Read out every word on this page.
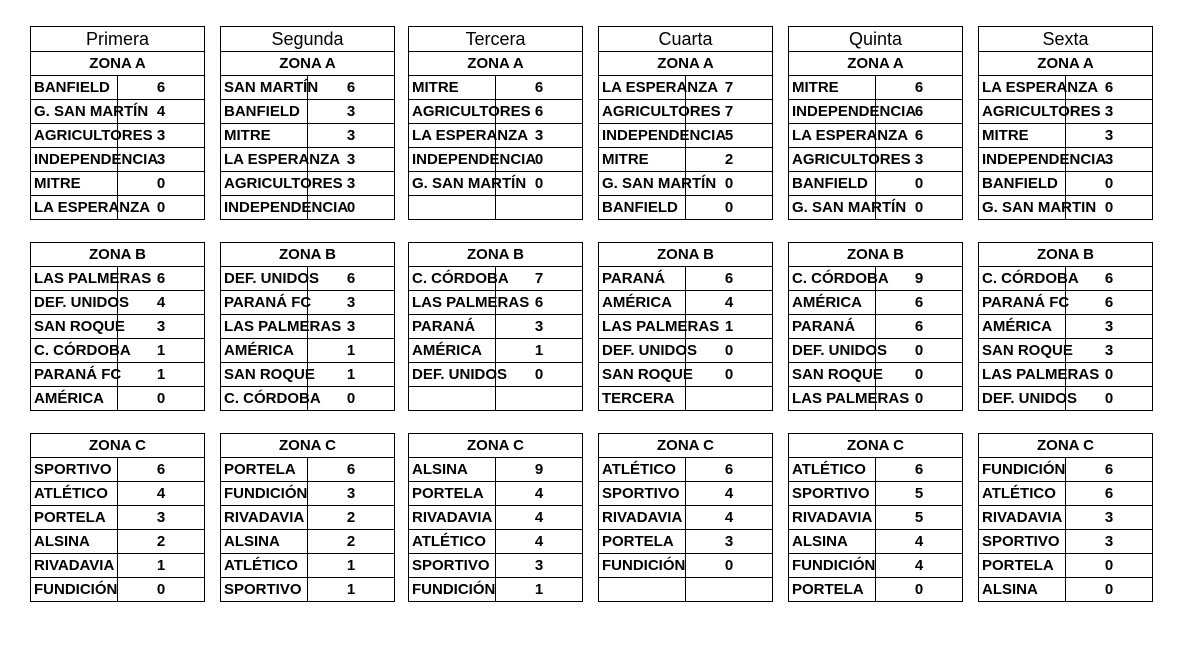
Primera	
ZONA A	
BANFIELD	6
G. SAN MARTÍN	4
AGRICULTORES	3
INDEPENDENCIA	3
MITRE	0
LA ESPERANZA	0
ZONA B	
LAS PALMERAS	6
DEF. UNIDOS	4
SAN ROQUE	3
C. CÓRDOBA	1
PARANÁ FC	1
AMÉRICA	0
ZONA C	
SPORTIVO	6
ATLÉTICO	4
PORTELA	3
ALSINA	2
RIVADAVIA	1
FUNDICIÓN	0
Segunda	
ZONA A	
SAN MARTÍN	6
BANFIELD	3
MITRE	3
LA ESPERANZA	3
AGRICULTORES	3
INDEPENDENCIA	0
ZONA B	
DEF. UNIDOS	6
PARANÁ FC	3
LAS PALMERAS	3
AMÉRICA	1
SAN ROQUE	1
C. CÓRDOBA	0
ZONA C	
PORTELA	6
FUNDICIÓN	3
RIVADAVIA	2
ALSINA	2
ATLÉTICO	1
SPORTIVO	1
Tercera	
ZONA A	
MITRE	6
AGRICULTORES	6
LA ESPERANZA	3
INDEPENDENCIA	0
G. SAN MARTÍN	0

ZONA B	
C. CÓRDOBA	7
LAS PALMERAS	6
PARANÁ	3
AMÉRICA	1
DEF. UNIDOS	0

ZONA C	
ALSINA	9
PORTELA	4
RIVADAVIA	4
ATLÉTICO	4
SPORTIVO	3
FUNDICIÓN	1
Cuarta	
ZONA A	
LA ESPERANZA	7
AGRICULTORES	7
INDEPENDENCIA	5
MITRE	2
G. SAN MARTÍN	0
BANFIELD	0
ZONA B	
PARANÁ	6
AMÉRICA	4
LAS PALMERAS	1
DEF. UNIDOS	0
SAN ROQUE	0
TERCERA	
ZONA C	
ATLÉTICO	6
SPORTIVO	4
RIVADAVIA	4
PORTELA	3
FUNDICIÓN	0

Quinta	
ZONA A	
MITRE	6
INDEPENDENCIA	6
LA ESPERANZA	6
AGRICULTORES	3
BANFIELD	0
G. SAN MARTÍN	0
ZONA B	
C. CÓRDOBA	9
AMÉRICA	6
PARANÁ	6
DEF. UNIDOS	0
SAN ROQUE	0
LAS PALMERAS	0
ZONA C	
ATLÉTICO	6
SPORTIVO	5
RIVADAVIA	5
ALSINA	4
FUNDICIÓN	4
PORTELA	0
Sexta	
ZONA A	
LA ESPERANZA	6
AGRICULTORES	3
MITRE	3
INDEPENDENCIA	3
BANFIELD	0
G. SAN MARTIN	0
ZONA B	
C. CÓRDOBA	6
PARANÁ FC	6
AMÉRICA	3
SAN ROQUE	3
LAS PALMERAS	0
DEF. UNIDOS	0
ZONA C	
FUNDICIÓN	6
ATLÉTICO	6
RIVADAVIA	3
SPORTIVO	3
PORTELA	0
ALSINA	0
